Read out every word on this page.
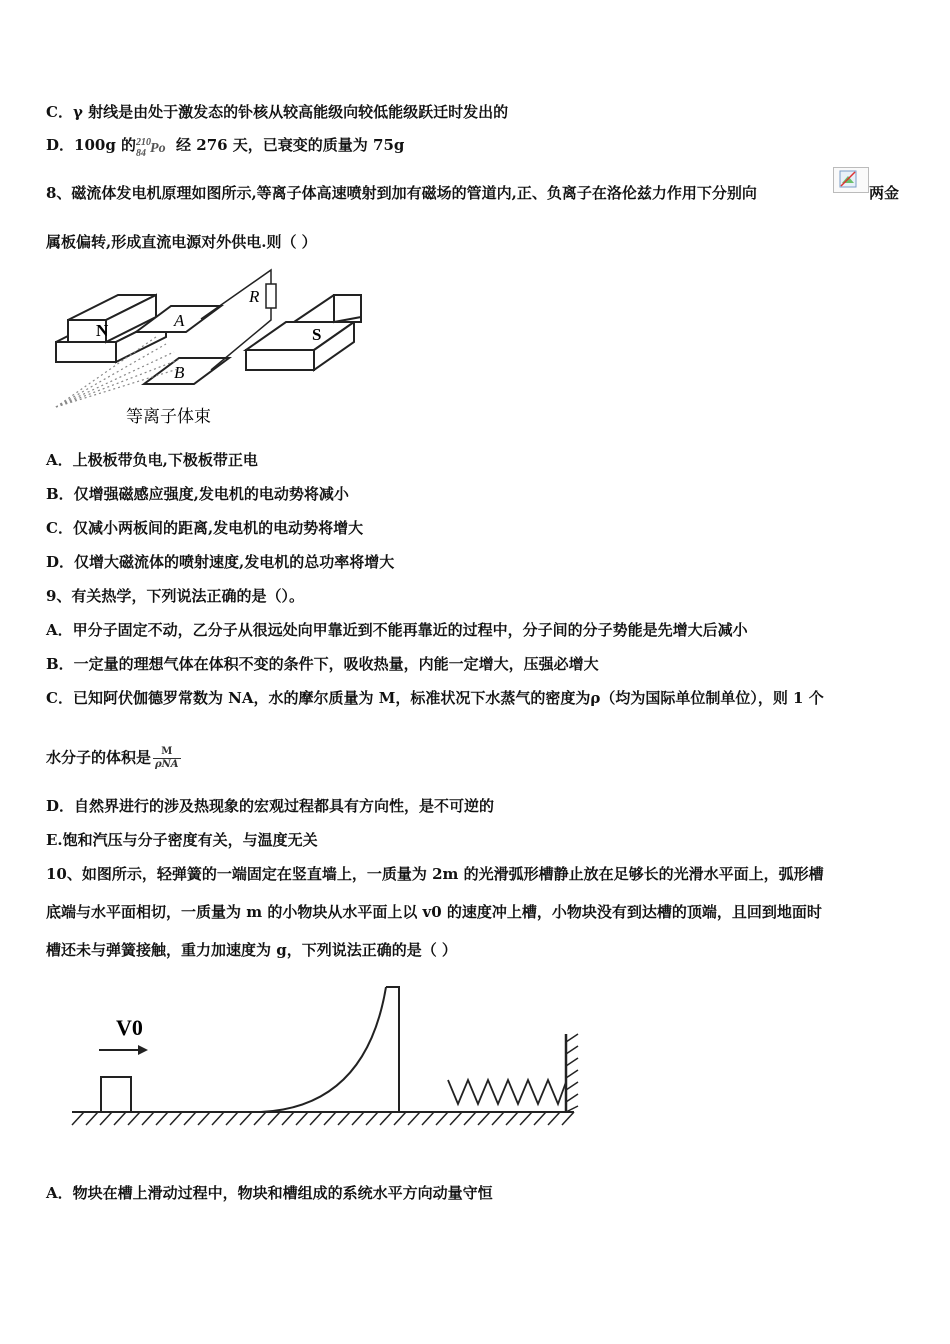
C．γ 射线是由处于激发态的钋核从较高能级向较低能级跃迁时发出的
D．100g 的 210
84 Po 经 276 天，已衰变的质量为 75g
8、磁流体发电机原理如图所示,等离子体高速喷射到加有磁场的管道内,正、负离子在洛伦兹力作用下分别向	两金
属板偏转,形成直流电源对外供电.则（ ）
N
A
B
R
S
等离子体束
A．上极板带负电,下极板带正电
B．仅增强磁感应强度,发电机的电动势将减小
C．仅减小两板间的距离,发电机的电动势将增大
D．仅增大磁流体的喷射速度,发电机的总功率将增大
9、有关热学，下列说法正确的是（）。
A．甲分子固定不动，乙分子从很远处向甲靠近到不能再靠近的过程中，分子间的分子势能是先增大后减小
B．一定量的理想气体在体积不变的条件下，吸收热量，内能一定增大，压强必增大
C．已知阿伏伽德罗常数为 NA，水的摩尔质量为 M，标准状况下水蒸气的密度为ρ（均为国际单位制单位），则 1 个
水分子的体积是 $\frac{M}{\text{ρNA}}$
D．自然界进行的涉及热现象的宏观过程都具有方向性，是不可逆的
E.饱和汽压与分子密度有关，与温度无关
10、如图所示，轻弹簧的一端固定在竖直墙上，一质量为 2m 的光滑弧形槽静止放在足够长的光滑水平面上，弧形槽
底端与水平面相切，一质量为 m 的小物块从水平面上以 v0 的速度冲上槽，小物块没有到达槽的顶端，且回到地面时
槽还未与弹簧接触，重力加速度为 g，下列说法正确的是（ ）
V0
A．物块在槽上滑动过程中，物块和槽组成的系统水平方向动量守恒
